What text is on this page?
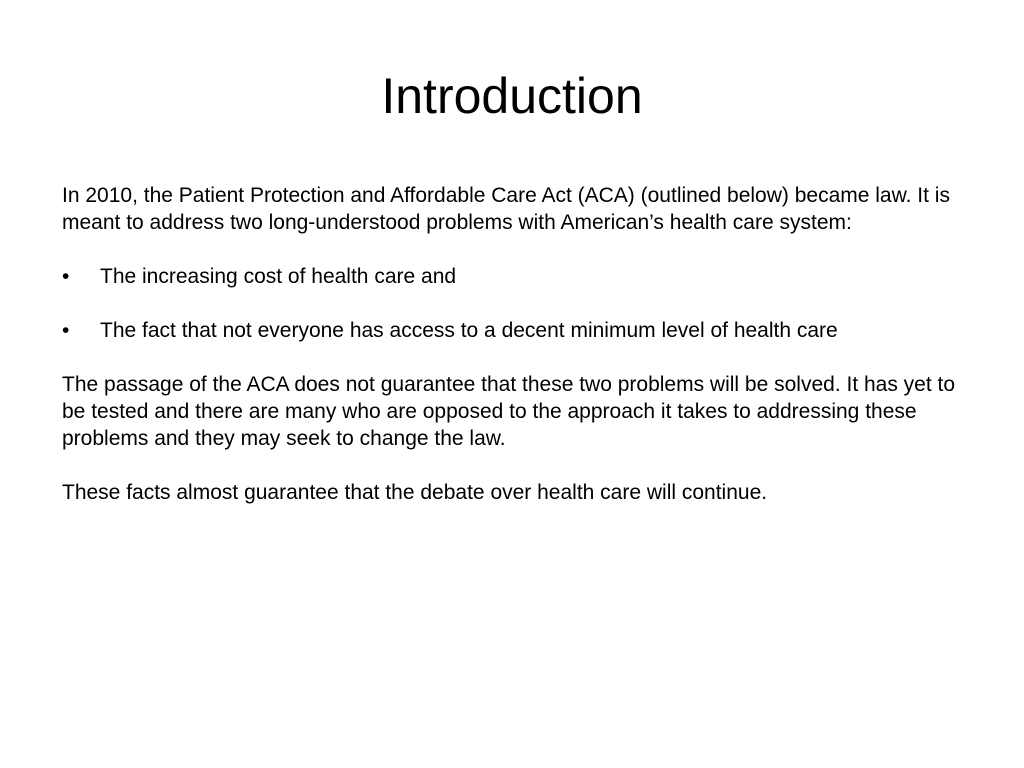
Introduction

In 2010, the Patient Protection and Affordable Care Act (ACA) (outlined below) became law. It is meant to address two long-understood problems with American’s health care system:

• The increasing cost of health care and
• The fact that not everyone has access to a decent minimum level of health care

The passage of the ACA does not guarantee that these two problems will be solved. It has yet to be tested and there are many who are opposed to the approach it takes to addressing these problems and they may seek to change the law.

These facts almost guarantee that the debate over health care will continue.
